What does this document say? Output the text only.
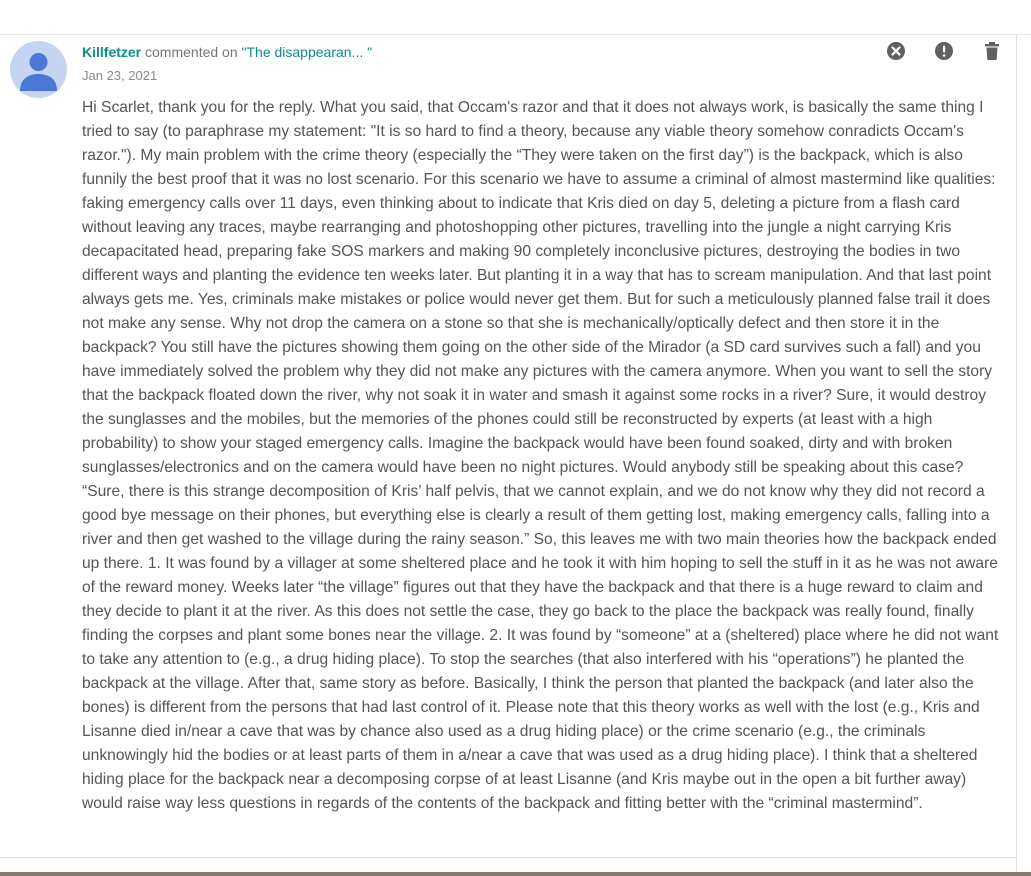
Killfetzer commented on "The disappearan... "
Jan 23, 2021

Hi Scarlet, thank you for the reply. What you said, that Occam's razor and that it does not always work, is basically the same thing I tried to say (to paraphrase my statement: "It is so hard to find a theory, because any viable theory somehow conradicts Occam's razor."). My main problem with the crime theory (especially the “They were taken on the first day”) is the backpack, which is also funnily the best proof that it was no lost scenario. For this scenario we have to assume a criminal of almost mastermind like qualities: faking emergency calls over 11 days, even thinking about to indicate that Kris died on day 5, deleting a picture from a flash card without leaving any traces, maybe rearranging and photoshopping other pictures, travelling into the jungle a night carrying Kris decapacitated head, preparing fake SOS markers and making 90 completely inconclusive pictures, destroying the bodies in two different ways and planting the evidence ten weeks later. But planting it in a way that has to scream manipulation. And that last point always gets me. Yes, criminals make mistakes or police would never get them. But for such a meticulously planned false trail it does not make any sense. Why not drop the camera on a stone so that she is mechanically/optically defect and then store it in the backpack? You still have the pictures showing them going on the other side of the Mirador (a SD card survives such a fall) and you have immediately solved the problem why they did not make any pictures with the camera anymore. When you want to sell the story that the backpack floated down the river, why not soak it in water and smash it against some rocks in a river? Sure, it would destroy the sunglasses and the mobiles, but the memories of the phones could still be reconstructed by experts (at least with a high probability) to show your staged emergency calls. Imagine the backpack would have been found soaked, dirty and with broken sunglasses/electronics and on the camera would have been no night pictures. Would anybody still be speaking about this case? “Sure, there is this strange decomposition of Kris’ half pelvis, that we cannot explain, and we do not know why they did not record a good bye message on their phones, but everything else is clearly a result of them getting lost, making emergency calls, falling into a river and then get washed to the village during the rainy season.” So, this leaves me with two main theories how the backpack ended up there. 1. It was found by a villager at some sheltered place and he took it with him hoping to sell the stuff in it as he was not aware of the reward money. Weeks later “the village” figures out that they have the backpack and that there is a huge reward to claim and they decide to plant it at the river. As this does not settle the case, they go back to the place the backpack was really found, finally finding the corpses and plant some bones near the village. 2. It was found by “someone” at a (sheltered) place where he did not want to take any attention to (e.g., a drug hiding place). To stop the searches (that also interfered with his “operations”) he planted the backpack at the village. After that, same story as before. Basically, I think the person that planted the backpack (and later also the bones) is different from the persons that had last control of it. Please note that this theory works as well with the lost (e.g., Kris and Lisanne died in/near a cave that was by chance also used as a drug hiding place) or the crime scenario (e.g., the criminals unknowingly hid the bodies or at least parts of them in a/near a cave that was used as a drug hiding place). I think that a sheltered hiding place for the backpack near a decomposing corpse of at least Lisanne (and Kris maybe out in the open a bit further away) would raise way less questions in regards of the contents of the backpack and fitting better with the “criminal mastermind”.
